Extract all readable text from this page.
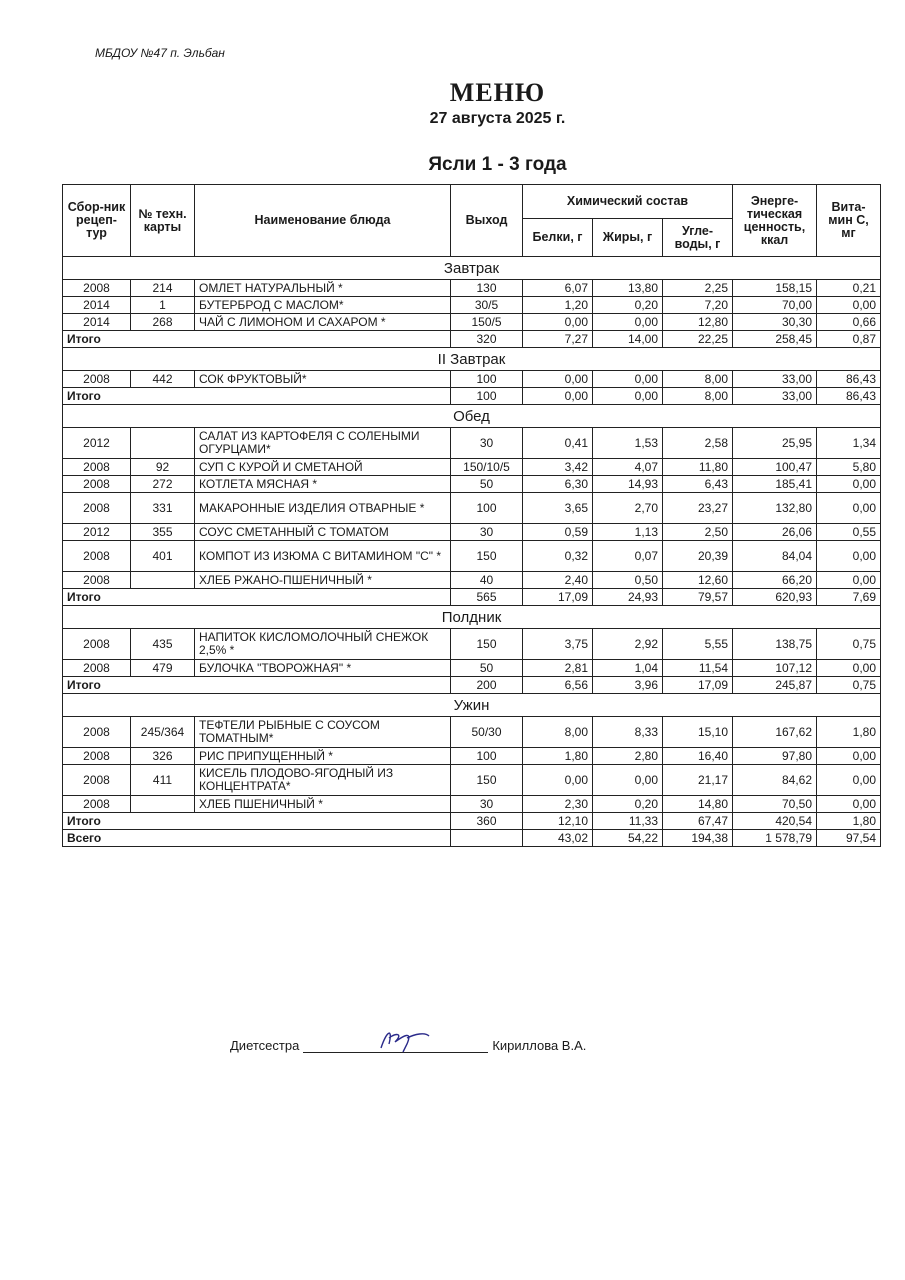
МБДОУ №47 п. Эльбан
МЕНЮ
27 августа 2025 г.
Ясли 1 - 3 года
Сбор-ник рецеп-тур	№ техн. карты	Наименование блюда	Выход	Химический состав			Энерге-тическая ценность, ккал	Вита-мин С, мг
				Белки, г	Жиры, г	Угле-воды, г		
Завтрак								
2008	214	ОМЛЕТ НАТУРАЛЬНЫЙ *	130	6,07	13,80	2,25	158,15	0,21
2014	1	БУТЕРБРОД С МАСЛОМ*	30/5	1,20	0,20	7,20	70,00	0,00
2014	268	ЧАЙ С ЛИМОНОМ И САХАРОМ *	150/5	0,00	0,00	12,80	30,30	0,66
Итого			320	7,27	14,00	22,25	258,45	0,87
II Завтрак								
2008	442	СОК ФРУКТОВЫЙ*	100	0,00	0,00	8,00	33,00	86,43
Итого			100	0,00	0,00	8,00	33,00	86,43
Обед								
2012		САЛАТ ИЗ КАРТОФЕЛЯ С СОЛЕНЫМИ ОГУРЦАМИ*	30	0,41	1,53	2,58	25,95	1,34
2008	92	СУП С КУРОЙ И СМЕТАНОЙ	150/10/5	3,42	4,07	11,80	100,47	5,80
2008	272	КОТЛЕТА МЯСНАЯ *	50	6,30	14,93	6,43	185,41	0,00
2008	331	МАКАРОННЫЕ ИЗДЕЛИЯ ОТВАРНЫЕ *	100	3,65	2,70	23,27	132,80	0,00
2012	355	СОУС СМЕТАННЫЙ С ТОМАТОМ	30	0,59	1,13	2,50	26,06	0,55
2008	401	КОМПОТ ИЗ ИЗЮМА С ВИТАМИНОМ "С" *	150	0,32	0,07	20,39	84,04	0,00
2008		ХЛЕБ РЖАНО-ПШЕНИЧНЫЙ *	40	2,40	0,50	12,60	66,20	0,00
Итого			565	17,09	24,93	79,57	620,93	7,69
Полдник								
2008	435	НАПИТОК КИСЛОМОЛОЧНЫЙ СНЕЖОК 2,5% *	150	3,75	2,92	5,55	138,75	0,75
2008	479	БУЛОЧКА "ТВОРОЖНАЯ" *	50	2,81	1,04	11,54	107,12	0,00
Итого			200	6,56	3,96	17,09	245,87	0,75
Ужин								
2008	245/364	ТЕФТЕЛИ РЫБНЫЕ С СОУСОМ ТОМАТНЫМ*	50/30	8,00	8,33	15,10	167,62	1,80
2008	326	РИС ПРИПУЩЕННЫЙ *	100	1,80	2,80	16,40	97,80	0,00
2008	411	КИСЕЛЬ ПЛОДОВО-ЯГОДНЫЙ ИЗ КОНЦЕНТРАТА*	150	0,00	0,00	21,17	84,62	0,00
2008		ХЛЕБ ПШЕНИЧНЫЙ *	30	2,30	0,20	14,80	70,50	0,00
Итого			360	12,10	11,33	67,47	420,54	1,80
Всего				43,02	54,22	194,38	1 578,79	97,54
Диетсестра	Кириллова В.А.
